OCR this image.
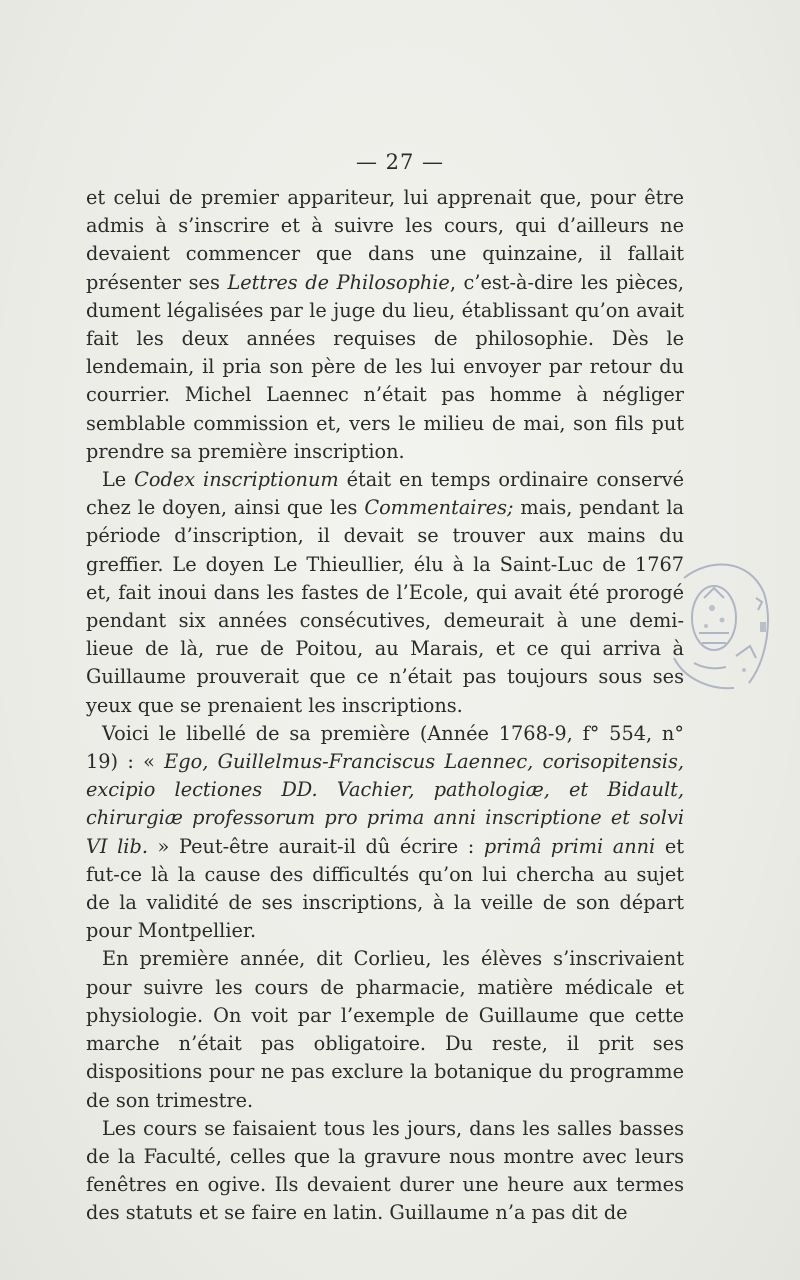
— 27 —

et celui de premier appariteur, lui apprenait que, pour être admis à s’inscrire et à suivre les cours, qui d’ailleurs ne devaient commencer que dans une quinzaine, il fallait présenter ses Lettres de Philosophie, c’est-à-dire les pièces, dument légalisées par le juge du lieu, établissant qu’on avait fait les deux années requises de philosophie. Dès le lendemain, il pria son père de les lui envoyer par retour du courrier. Michel Laennec n’était pas homme à négliger semblable commission et, vers le milieu de mai, son fils put prendre sa première inscription.

Le Codex inscriptionum était en temps ordinaire conservé chez le doyen, ainsi que les Commentaires; mais, pendant la période d’inscription, il devait se trouver aux mains du greffier. Le doyen Le Thieullier, élu à la Saint-Luc de 1767 et, fait inoui dans les fastes de l’Ecole, qui avait été prorogé pendant six années consécutives, demeurait à une demi-lieue de là, rue de Poitou, au Marais, et ce qui arriva à Guillaume prouverait que ce n’était pas toujours sous ses yeux que se prenaient les inscriptions.

Voici le libellé de sa première (Année 1768-9, f° 554, n° 19) : « Ego, Guillelmus-Franciscus Laennec, corisopitensis, excipio lectiones DD. Vachier, pathologiæ, et Bidault, chirurgiæ professorum pro prima anni inscriptione et solvi VI lib. » Peut-être aurait-il dû écrire : primâ primi anni et fut-ce là la cause des difficultés qu’on lui chercha au sujet de la validité de ses inscriptions, à la veille de son départ pour Montpellier.

En première année, dit Corlieu, les élèves s’inscrivaient pour suivre les cours de pharmacie, matière médicale et physiologie. On voit par l’exemple de Guillaume que cette marche n’était pas obligatoire. Du reste, il prit ses dispositions pour ne pas exclure la botanique du programme de son trimestre.

Les cours se faisaient tous les jours, dans les salles basses de la Faculté, celles que la gravure nous montre avec leurs fenêtres en ogive. Ils devaient durer une heure aux termes des statuts et se faire en latin. Guillaume n’a pas dit de
